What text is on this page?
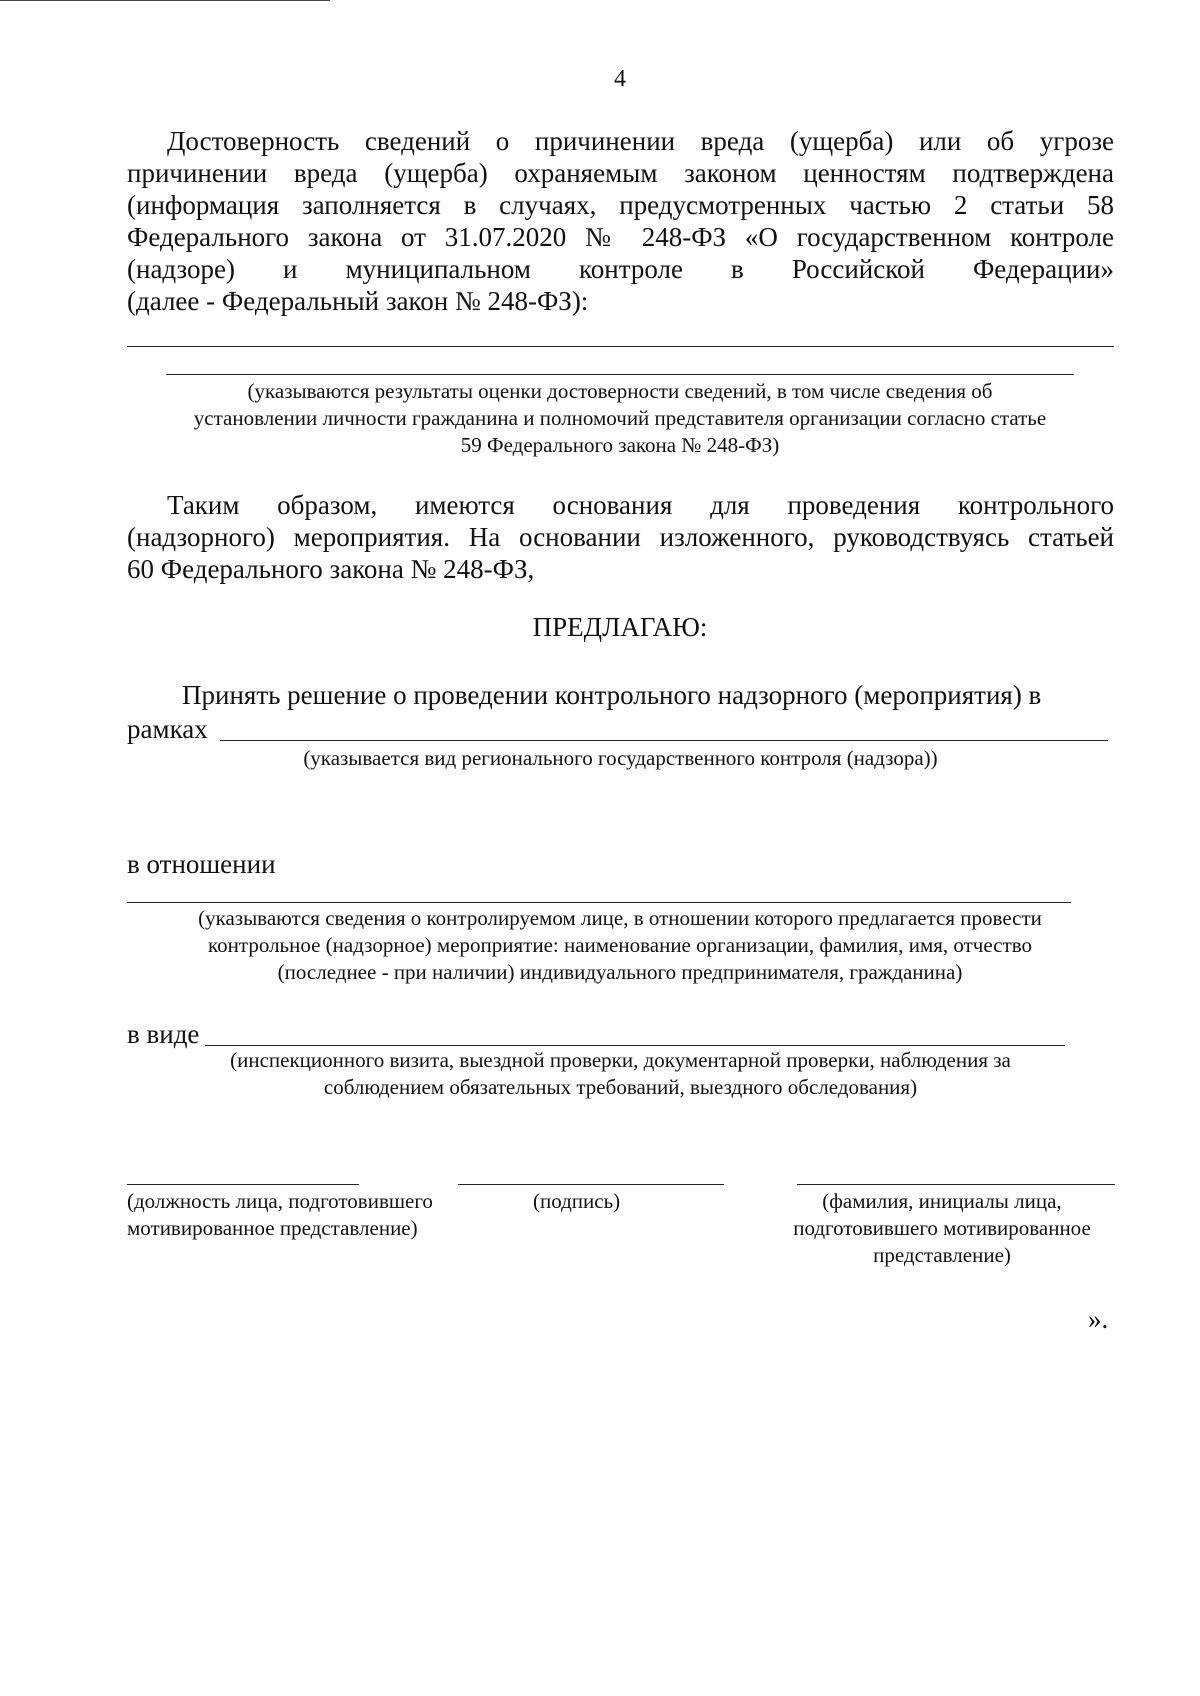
4
Достоверность сведений о причинении вреда (ущерба) или об угрозе
причинении вреда (ущерба) охраняемым законом ценностям подтверждена
(информация заполняется в случаях, предусмотренных частью 2 статьи 58
Федерального закона от 31.07.2020 № 248-ФЗ «О государственном контроле
(надзоре) и муниципальном контроле в Российской Федерации»
(далее - Федеральный закон № 248-ФЗ):
(указываются результаты оценки достоверности сведений, в том числе сведения об
установлении личности гражданина и полномочий представителя организации согласно статье
59 Федерального закона № 248-ФЗ)
Таким образом, имеются основания для проведения контрольного
(надзорного) мероприятия. На основании изложенного, руководствуясь статьей
60 Федерального закона № 248-ФЗ,
ПРЕДЛАГАЮ:
Принять решение о проведении контрольного надзорного (мероприятия) в
рамках
(указывается вид регионального государственного контроля (надзора))
в отношении
(указываются сведения о контролируемом лице, в отношении которого предлагается провести
контрольное (надзорное) мероприятие: наименование организации, фамилия, имя, отчество
(последнее - при наличии) индивидуального предпринимателя, гражданина)
в виде
(инспекционного визита, выездной проверки, документарной проверки, наблюдения за
соблюдением обязательных требований, выездного обследования)
(должность лица, подготовившего
мотивированное представление)
(подпись)	(фамилия, инициалы лица,
подготовившего мотивированное
представление)
».
